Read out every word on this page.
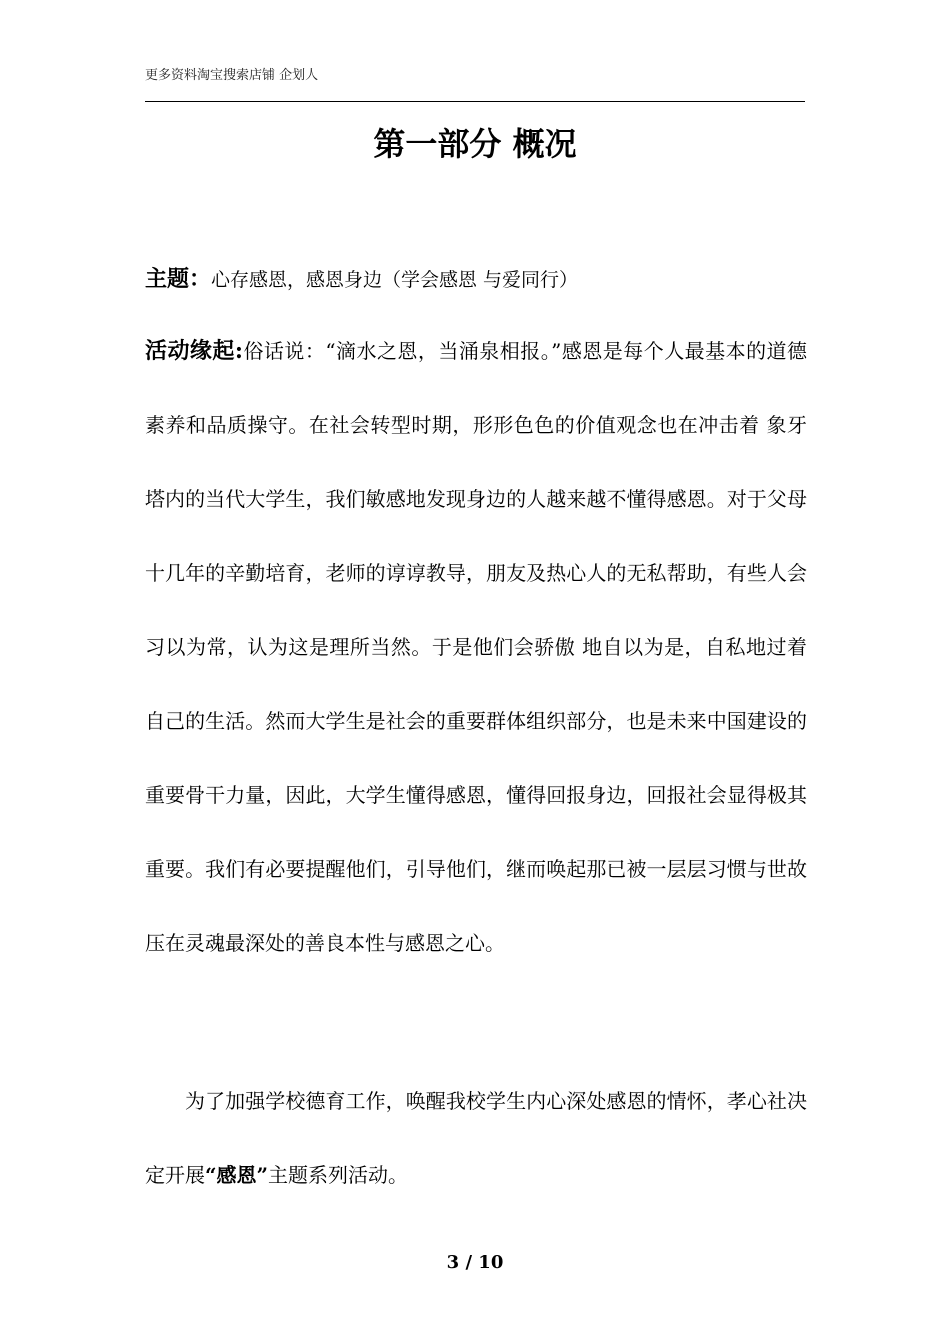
更多资料淘宝搜索店铺 企划人
第一部分 概况

主题：心存感恩，感恩身边（学会感恩 与爱同行）

活动缘起:俗话说：“滴水之恩，当涌泉相报。”感恩是每个人最基本的道德 素养和品质操守。在社会转型时期，形形色色的价值观念也在冲击着 象牙塔内的当代大学生，我们敏感地发现身边的人越来越不懂得感恩。对于父母十几年的辛勤培育，老师的谆谆教导，朋友及热心人的无私帮助，有些人会习以为常，认为这是理所当然。于是他们会骄傲 地自以为是，自私地过着自己的生活。然而大学生是社会的重要群体组织部分，也是未来中国建设的重要骨干力量，因此，大学生懂得感恩，懂得回报身边，回报社会显得极其重要。我们有必要提醒他们，引导他们，继而唤起那已被一层层习惯与世故压在灵魂最深处的善良本性与感恩之心。

为了加强学校德育工作，唤醒我校学生内心深处感恩的情怀，孝心社决定开展“感恩”主题系列活动。

3 / 10
